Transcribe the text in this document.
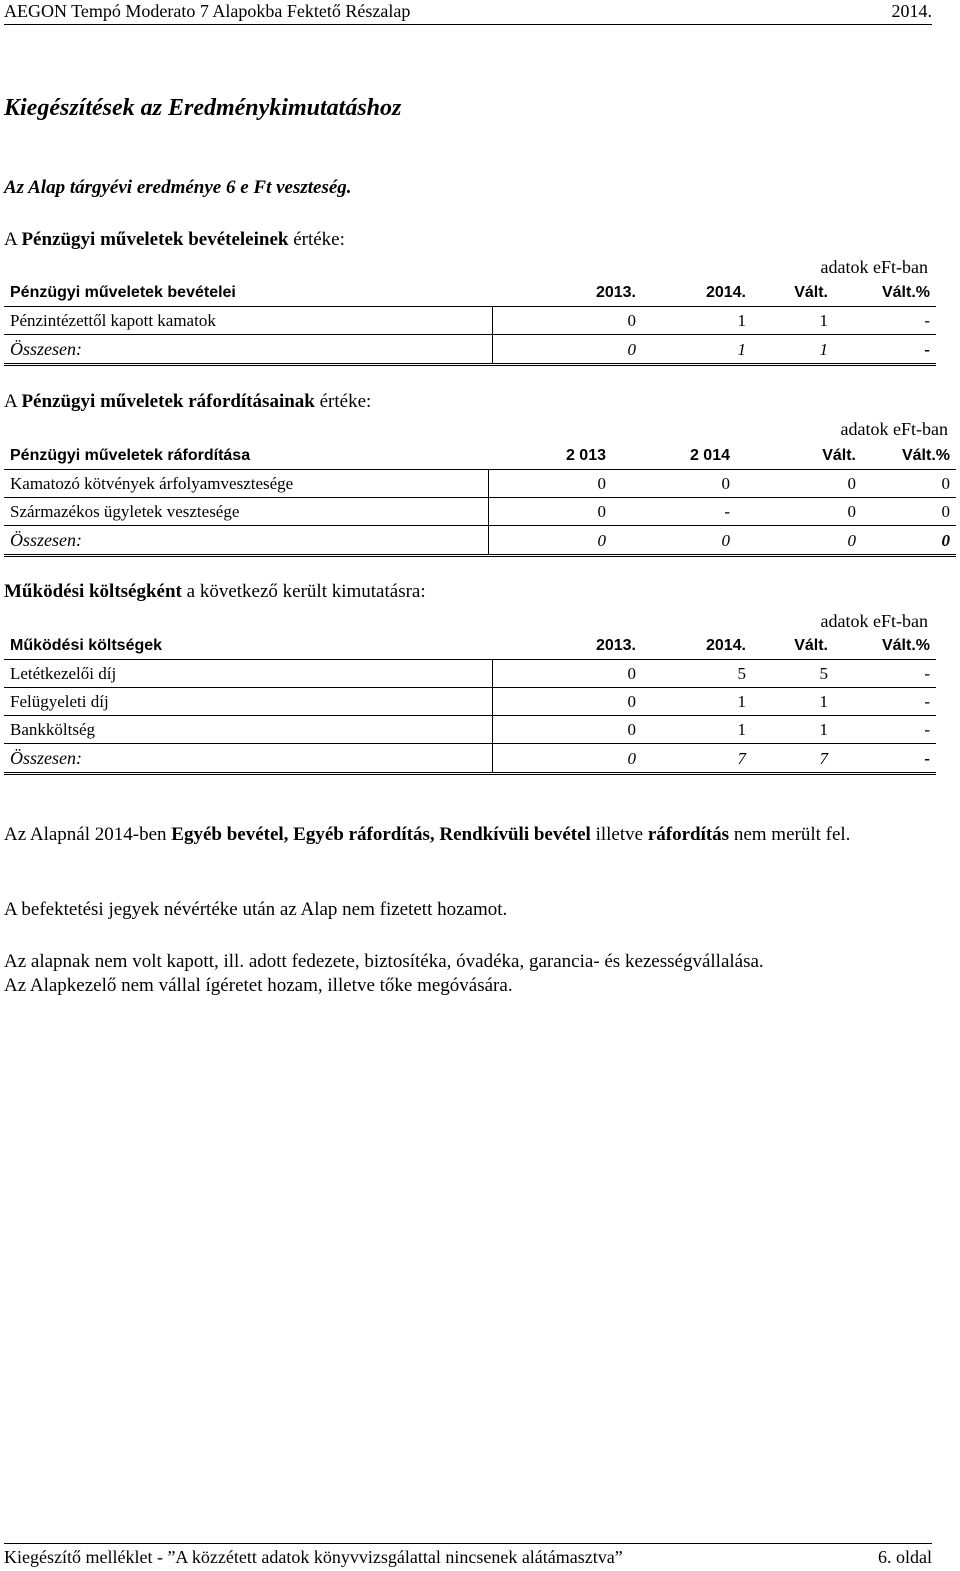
AEGON Tempó Moderato 7 Alapokba Fektető Részalap	2014.
Kiegészítések az Eredménykimutatáshoz
Az Alap tárgyévi eredménye 6 e Ft veszteség.
A Pénzügyi műveletek bevételeinek értéke:
adatok eFt-ban
Pénzügyi műveletek bevételei	2013.	2014.	Vált.	Vált.%
Pénzintézettől kapott kamatok	0	1	1	-
Összesen:	0	1	1	-
A Pénzügyi műveletek ráfordításainak értéke:
adatok eFt-ban
Pénzügyi műveletek ráfordítása	2 013	2 014	Vált.	Vált.%
Kamatozó kötvények árfolyamvesztesége	0	0	0	0
Származékos ügyletek vesztesége	0	-	0	0
Összesen:	0	0	0	0
Működési költségként a következő került kimutatásra:
adatok eFt-ban
Működési költségek	2013.	2014.	Vált.	Vált.%
Letétkezelői díj	0	5	5	-
Felügyeleti díj	0	1	1	-
Bankköltség	0	1	1	-
Összesen:	0	7	7	-
Az Alapnál 2014-ben Egyéb bevétel, Egyéb ráfordítás, Rendkívüli bevétel illetve ráfordítás nem merült fel.
A befektetési jegyek névértéke után az Alap nem fizetett hozamot.
Az alapnak nem volt kapott, ill. adott fedezete, biztosítéka, óvadéka, garancia- és kezességvállalása.
Az Alapkezelő nem vállal ígéretet hozam, illetve tőke megóvására.
Kiegészítő melléklet - ”A közzétett adatok könyvvizsgálattal nincsenek alátámasztva”	6. oldal
